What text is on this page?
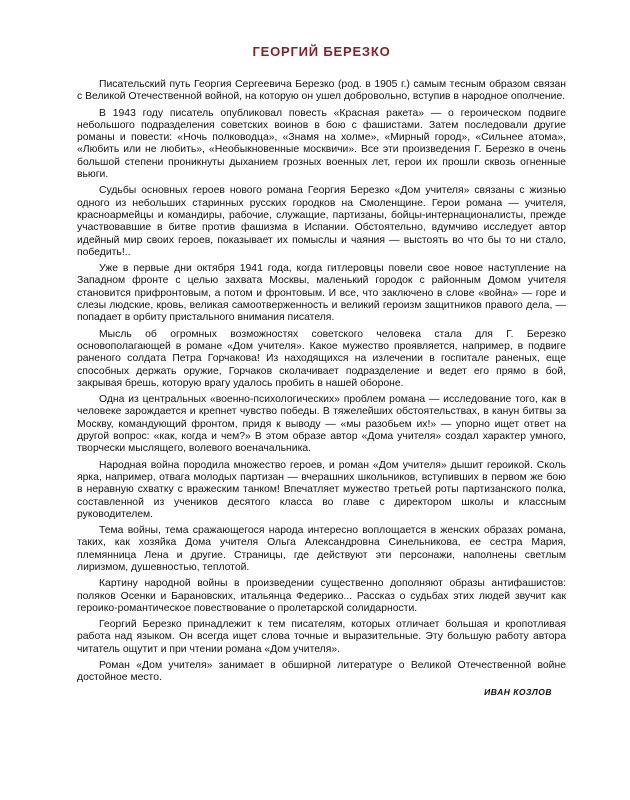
ГЕОРГИЙ БЕРЕЗКО

Писательский путь Георгия Сергеевича Березко (род. в 1905 г.) самым тесным образом связан с Великой Отечественной войной, на которую он ушел добровольно, вступив в народное ополчение.

В 1943 году писатель опубликовал повесть «Красная ракета» — о героическом подвиге небольшого подразделения советских воинов в бою с фашистами. Затем последовали другие романы и повести: «Ночь полководца», «Знамя на холме», «Мирный город», «Сильнее атома», «Любить или не любить», «Необыкновенные москвичи». Все эти произведения Г. Березко в очень большой степени проникнуты дыханием грозных военных лет, герои их прошли сквозь огненные вьюги.

Судьбы основных героев нового романа Георгия Березко «Дом учителя» связаны с жизнью одного из небольших старинных русских городков на Смоленщине. Герои романа — учителя, красноармейцы и командиры, рабочие, служащие, партизаны, бойцы-интернационалисты, прежде участвовавшие в битве против фашизма в Испании. Обстоятельно, вдумчиво исследует автор идейный мир своих героев, показывает их помыслы и чаяния — выстоять во что бы то ни стало, победить!..

Уже в первые дни октября 1941 года, когда гитлеровцы повели свое новое наступление на Западном фронте с целью захвата Москвы, маленький городок с районным Домом учителя становится прифронтовым, а потом и фронтовым. И все, что заключено в слове «война» — горе и слезы людские, кровь, великая самоотверженность и великий героизм защитников правого дела, — попадает в орбиту пристального внимания писателя.

Мысль об огромных возможностях советского человека стала для Г. Березко основополагающей в романе «Дом учителя». Какое мужество проявляется, например, в подвиге раненого солдата Петра Горчакова! Из находящихся на излечении в госпитале раненых, еще способных держать оружие, Горчаков сколачивает подразделение и ведет его прямо в бой, закрывая брешь, которую врагу удалось пробить в нашей обороне.

Одна из центральных «военно-психологических» проблем романа — исследование того, как в человеке зарождается и крепнет чувство победы. В тяжелейших обстоятельствах, в канун битвы за Москву, командующий фронтом, придя к выводу — «мы разобьем их!» — упорно ищет ответ на другой вопрос: «как, когда и чем?» В этом образе автор «Дома учителя» создал характер умного, творчески мыслящего, волевого военачальника.

Народная война породила множество героев, и роман «Дом учителя» дышит героикой. Сколь ярка, например, отвага молодых партизан — вчерашних школьников, вступивших в первом же бою в неравную схватку с вражеским танком! Впечатляет мужество третьей роты партизанского полка, составленной из учеников десятого класса во главе с директором школы и классным руководителем.

Тема войны, тема сражающегося народа интересно воплощается в женских образах романа, таких, как хозяйка Дома учителя Ольга Александровна Синельникова, ее сестра Мария, племянница Лена и другие. Страницы, где действуют эти персонажи, наполнены светлым лиризмом, душевностью, теплотой.

Картину народной войны в произведении существенно дополняют образы антифашистов: поляков Осенки и Барановских, итальянца Федерико... Рассказ о судьбах этих людей звучит как героико-романтическое повествование о пролетарской солидарности.

Георгий Березко принадлежит к тем писателям, которых отличает большая и кропотливая работа над языком. Он всегда ищет слова точные и выразительные. Эту большую работу автора читатель ощутит и при чтении романа «Дом учителя».

Роман «Дом учителя» занимает в обширной литературе о Великой Отечественной войне достойное место.

ИВАН КОЗЛОВ
